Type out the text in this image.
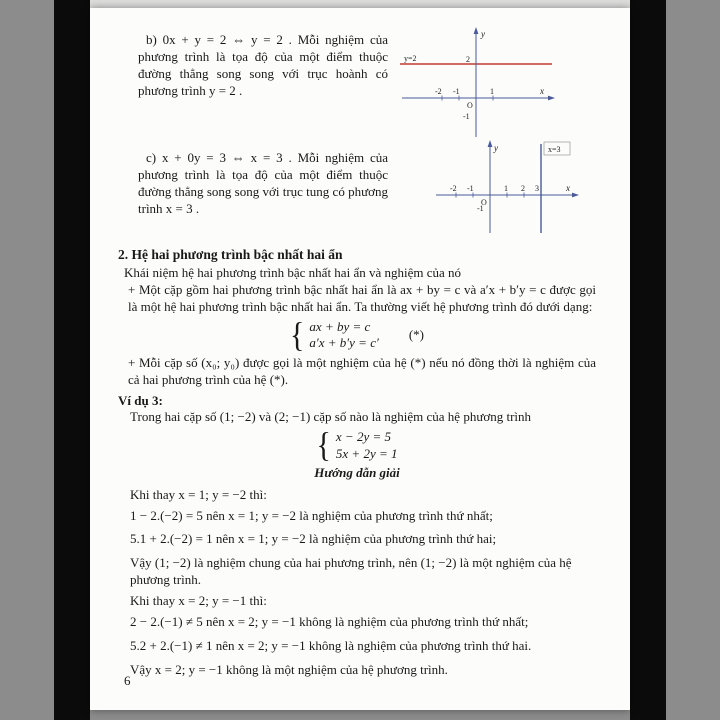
b) 0x + y = 2 ⇔ y = 2 . Mỗi nghiệm của phương trình là tọa độ của một điểm thuộc đường thẳng song song với trục hoành có phương trình y = 2 .
y
x
y=2	2
-2 -1
O
1
-1
c) x + 0y = 3 ⇔ x = 3 . Mỗi nghiệm của phương trình là tọa độ của một điểm thuộc đường thẳng song song với trục tung có phương trình x = 3 .
x=3
y
x
-2 -1
O
1 2 3
-1
2. Hệ hai phương trình bậc nhất hai ẩn
Khái niệm hệ hai phương trình bậc nhất hai ẩn và nghiệm của nó
+ Một cặp gồm hai phương trình bậc nhất hai ẩn là ax + by = c và a′x + b′y = c được gọi là một hệ hai phương trình bậc nhất hai ẩn. Ta thường viết hệ phương trình đó dưới dạng:
{ ax + by = c
a′x + b′y = c′
(*)
+ Mỗi cặp số (x₀; y₀) được gọi là một nghiệm của hệ (*) nếu nó đồng thời là nghiệm của cả hai phương trình của hệ (*).
Ví dụ 3:
Trong hai cặp số (1; −2) và (2; −1) cặp số nào là nghiệm của hệ phương trình
{ x − 2y = 5
5x + 2y = 1
Hướng dẫn giải
Khi thay x = 1; y = −2 thì:
1 − 2.(−2) = 5 nên x = 1; y = −2 là nghiệm của phương trình thứ nhất;
5.1 + 2.(−2) = 1 nên x = 1; y = −2 là nghiệm của phương trình thứ hai;
Vậy (1; −2) là nghiệm chung của hai phương trình, nên (1; −2) là một nghiệm của hệ phương trình.
Khi thay x = 2; y = −1 thì:
2 − 2.(−1) ≠ 5 nên x = 2; y = −1 không là nghiệm của phương trình thứ nhất;
5.2 + 2.(−1) ≠ 1 nên x = 2; y = −1 không là nghiệm của phương trình thứ hai.
Vậy x = 2; y = −1 không là một nghiệm của hệ phương trình.
6
